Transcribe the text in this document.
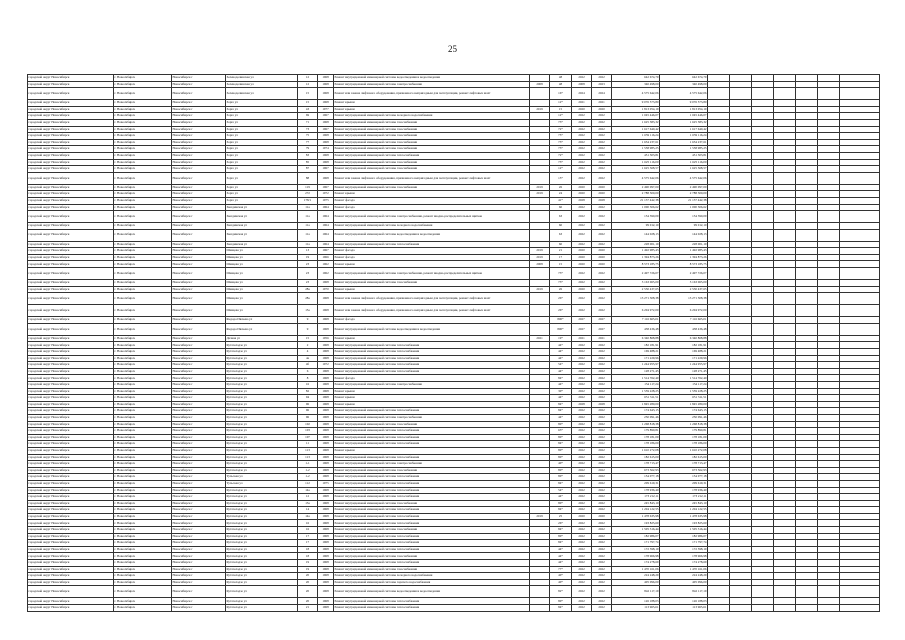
25
городской округ Новосибирск	г. Новосибирск	Новосибирск г	Зеленодолинская ул	12	1968	Ремонт внутридомовой инженерной системы водоотведения и водоотведения		48	2022	2022	642 674,79	642 674,79							
городской округ Новосибирск	г. Новосибирск	Новосибирск г	Зеленодолинская ул	12	1968	Ремонт внутридомовой инженерной системы электроснабжения	2008	48	2008	2023	340 498,00	340 498,00							
городской округ Новосибирск	г. Новосибирск	Новосибирск г	Зеленодолинская ул	15	1968	Ремонт или замена лифтового оборудования, признанного непригодным для эксплуатации, ремонт лифтовых шахт		16*	2024	2024	4 575 642,06	4 575 642,06							
городской округ Новосибирск	г. Новосибирск	Новосибирск г	Зорге ул	15	1968	Ремонт крыши		12*	2021	2021	9 076 573,80	9 076 573,80							
городской округ Новосибирск	г. Новосибирск	Новосибирск г	Зорге ул	43	1977	Ремонт крыши	2019	15	2020	2020	1 813 054,19	1 813 054,19							
городской округ Новосибирск	г. Новосибирск	Новосибирск г	Зорге ул	69	1967	Ремонт внутридомовой инженерной системы холодного водоснабжения		12*	2022	2022	1 045 446,07	1 045 446,07							
городской округ Новосибирск	г. Новосибирск	Новосибирск г	Зорге ул	71	1968	Ремонт внутридомовой инженерной системы газоснабжения		73*	2022	2022	1 625 383,32	1 625 383,32							
городской округ Новосибирск	г. Новосибирск	Новосибирск г	Зорге ул	73	1967	Ремонт внутридомовой инженерной системы газоснабжения		72*	2022	2022	1 617 640,42	1 617 640,42							
городской округ Новосибирск	г. Новосибирск	Новосибирск г	Зорге ул	75	1968	Ремонт внутридомовой инженерной системы газоснабжения		75*	2022	2022	1 659 116,24	1 659 116,24							
городской округ Новосибирск	г. Новосибирск	Новосибирск г	Зорге ул	77	1968	Ремонт внутридомовой инженерной системы газоснабжения		73*	2022	2022	1 634 237,61	1 634 237,61							
городской округ Новосибирск	г. Новосибирск	Новосибирск г	Зорге ул	79	1974	Ремонт внутридомовой инженерной системы газоснабжения		73*	2022	2022	1 558 985,25	1 558 985,25							
городской округ Новосибирск	г. Новосибирск	Новосибирск г	Зорге ул	83	1968	Ремонт внутридомовой инженерной системы теплоснабжения		72*	2022	2022	451 303,81	451 303,81							
городской округ Новосибирск	г. Новосибирск	Новосибирск г	Зорге ул	85	1968	Ремонт внутридомовой инженерной системы газоснабжения		73*	2022	2022	1 625 116,00	1 625 116,00							
городской округ Новосибирск	г. Новосибирск	Новосибирск г	Зорге ул	87	1967	Ремонт внутридомовой инженерной системы газоснабжения		12*	2022	2022	1 625 368,57	1 625 368,57							
городской округ Новосибирск	г. Новосибирск	Новосибирск г	Зорге ул	88	1968	Ремонт или замена лифтового оборудования, признанного непригодным для эксплуатации, ремонт лифтовых шахт		15*	2022	2022	4 575 642,06	4 575 642,06							
городской округ Новосибирск	г. Новосибирск	Новосибирск г	Зорге ул	119	1967	Ремонт внутридомовой инженерной системы газоснабжения	2019	26	2020	2020	2 490 097,00	2 490 097,00							
городской округ Новосибирск	г. Новосибирск	Новосибирск г	Зорге ул	272	1972	Ремонт крыши	2019	24	2020	2020	2 788 300,00	2 788 300,00							
городской округ Новосибирск	г. Новосибирск	Новосибирск г	Зорге ул	178/1	1975	Ремонт фасада		41*	2028	2028	21 137 442,38	21 137 442,38							
городской округ Новосибирск	г. Новосибирск	Новосибирск г	Звездинская ул	11а	1964	Ремонт фасада		60	2022	2022	1 000 306,62	1 000 306,62							
городской округ Новосибирск	г. Новосибирск	Новосибирск г	Звездинская ул	11а	1964	Ремонт внутридомовой инженерной системы электроснабжения, ремонт вводно-распределительных щитков		63	2022	2022	154 390,09	154 390,09							
городской округ Новосибирск	г. Новосибирск	Новосибирск г	Звездинская ул	11а	1964	Ремонт внутридомовой инженерной системы холодного водоснабжения		60	2022	2022	99 012,10	99 012,10							
городской округ Новосибирск	г. Новосибирск	Новосибирск г	Звездинская ул	11а	1964	Ремонт внутридомовой инженерной системы водоотведения и водоотведения		63	2022	2022	144 028,13	144 028,13							
городской округ Новосибирск	г. Новосибирск	Новосибирск г	Звездинская ул	11а	1964	Ремонт внутридомовой инженерной системы теплоснабжения		60	2022	2022	228 001,19	228 001,19							
городской округ Новосибирск	г. Новосибирск	Новосибирск г	Шевцова ул	13	1967	Ремонт фасада	2019	21	2020	2020	1 492 985,43	1 492 985,43							
городской округ Новосибирск	г. Новосибирск	Новосибирск г	Шевцова ул	19	1966	Ремонт фасада	2019	17	2020	2020	1 394 873,26	1 394 873,26							
городской округ Новосибирск	г. Новосибирск	Новосибирск г	Шевцова ул	23	1962	Ремонт крыши	2008	15	2020	2020	8 573 185,75	8 573 185,75							
городской округ Новосибирск	г. Новосибирск	Новосибирск г	Шевцова ул	23	1962	Ремонт внутридомовой инженерной системы электроснабжения, ремонт вводно-распределительных щитков		73*	2022	2022	2 497 726,07	2 497 726,07							
городской округ Новосибирск	г. Новосибирск	Новосибирск г	Шевцова ул	23	1968	Ремонт внутридомовой инженерной системы газоснабжения		73*	2022	2022	3 163 065,00	3 163 065,00							
городской округ Новосибирск	г. Новосибирск	Новосибирск г	Шевцова ул	28а	1970	Ремонт крыши	2019	26	2020	2020	2 530 437,65	2 530 437,65							
городской округ Новосибирск	г. Новосибирск	Новосибирск г	Шевцова ул	28а	1968	Ремонт или замена лифтового оборудования, признанного непригодным для эксплуатации, ремонт лифтовых шахт		26*	2022	2022	13 271 308,38	13 271 308,38							
городской округ Новосибирск	г. Новосибирск	Новосибирск г	Шевцова ул	15а	1968	Ремонт или замена лифтового оборудования, признанного непригодным для эксплуатации, ремонт лифтовых шахт		26*	2022	2022	6 204 972,00	6 204 972,00							
городской округ Новосибирск	г. Новосибирск	Новосибирск г	Федора Ивачева ул	9	1968	Ремонт фасада		800*	2027	2027	7 116 665,01	7 116 665,01							
городской округ Новосибирск	г. Новосибирск	Новосибирск г	Федора Ивачева ул	9	1968	Ремонт внутридомовой инженерной системы водоотведения и водоотведения		800*	2027	2027	438 436,48	438 436,48							
городской округ Новосибирск	г. Новосибирск	Новосибирск г	Дачная ул	15	1956	Ремонт крыши	2021	19*	2021	2021	6 340 868,88	6 340 868,88							
городской округ Новосибирск	г. Новосибирск	Новосибирск г	Кутателадзе ул	2	1968	Ремонт внутридомовой инженерной системы теплоснабжения		44*	2022	2022	182 181,91	182 181,91							
городской округ Новосибирск	г. Новосибирск	Новосибирск г	Кутателадзе ул	4	1968	Ремонт внутридомовой инженерной системы теплоснабжения		44*	2022	2022	169 488,21	169 488,21							
городской округ Новосибирск	г. Новосибирск	Новосибирск г	Кутателадзе ул	4а	1968	Ремонт внутридомовой инженерной системы теплоснабжения		44*	2022	2022	171 229,96	171 229,96							
городской округ Новосибирск	г. Новосибирск	Новосибирск г	Кутателадзе ул	4б	1972	Ремонт внутридомовой инженерной системы теплоснабжения		54*	2022	2022	1 244 955,97	1 244 955,97							
городской округ Новосибирск	г. Новосибирск	Новосибирск г	Кутателадзе ул	6	1968	Ремонт внутридомовой инженерной системы теплоснабжения		44*	2022	2022	128 271,45	128 271,45							
городской округ Новосибирск	г. Новосибирск	Новосибирск г	Кутателадзе ул	8	1968	Ремонт фасада		84*	2022	2022	1 514 762,40	1 514 762,40							
городской округ Новосибирск	г. Новосибирск	Новосибирск г	Кутателадзе ул	16	1968	Ремонт внутридомовой инженерной системы электроснабжения		44*	2022	2022	154 117,24	154 117,24							
городской округ Новосибирск	г. Новосибирск	Новосибирск г	Кутателадзе ул	82	1968	Ремонт крыши		30*	2022	2022	1 559 228,25	1 559 228,25							
городской округ Новосибирск	г. Новосибирск	Новосибирск г	Кутателадзе ул	94	1968	Ремонт крыши		44*	2022	2022	651 311,51	651 311,51							
городской округ Новосибирск	г. Новосибирск	Новосибирск г	Кутателадзе ул	96	1968	Ремонт крыши		84*	2028	2028	1 845 280,00	1 845 280,00							
городской округ Новосибирск	г. Новосибирск	Новосибирск г	Кутателадзе ул	96	1968	Ремонт внутридомовой инженерной системы теплоснабжения		84*	2022	2022	174 643,15	174 643,15							
городской округ Новосибирск	г. Новосибирск	Новосибирск г	Кутателадзе ул	96	1968	Ремонт внутридомовой инженерной системы электроснабжения		44*	2022	2022	250 091,46	250 091,46							
городской округ Новосибирск	г. Новосибирск	Новосибирск г	Кутателадзе ул	102	1968	Ремонт внутридомовой инженерной системы газоснабжения		80*	2022	2022	1 268 818,38	1 268 818,38							
городской округ Новосибирск	г. Новосибирск	Новосибирск г	Кутателадзе ул	103	1968	Ремонт внутридомовой инженерной системы теплоснабжения		63*	2022	2022	179 890,81	179 890,81							
городской округ Новосибирск	г. Новосибирск	Новосибирск г	Кутателадзе ул	107	1968	Ремонт внутридомовой инженерной системы теплоснабжения		80*	2022	2022	178 181,09	178 181,09							
городской округ Новосибирск	г. Новосибирск	Новосибирск г	Кутателадзе ул	11	1968	Ремонт внутридомовой инженерной системы теплоснабжения		84*	2022	2022	178 186,00	178 186,00							
городской округ Новосибирск	г. Новосибирск	Новосибирск г	Кутателадзе ул	113	1968	Ремонт крыши		80*	2022	2022	1 610 272,08	1 610 272,08							
городской округ Новосибирск	г. Новосибирск	Новосибирск г	Кутателадзе ул	113	1968	Ремонт внутридомовой инженерной системы теплоснабжения		80*	2022	2022	182 615,00	182 615,00							
городской округ Новосибирск	г. Новосибирск	Новосибирск г	Кутателадзе ул	1-1	1968	Ремонт внутридомовой инженерной системы электроснабжения		40*	2022	2022	178 713,47	178 713,47							
городской округ Новосибирск	г. Новосибирск	Новосибирск г	Кутателадзе ул	1-2	1968	Ремонт внутридомовой инженерной системы газоснабжения		80*	2022	2022	673 562,93	673 562,93							
городской округ Новосибирск	г. Новосибирск	Новосибирск г	Тульская ул	1-2	1968	Ремонт внутридомовой инженерной системы теплоснабжения		80*	2022	2022	154 077,18	154 077,18							
городской округ Новосибирск	г. Новосибирск	Новосибирск г	Тульская ул	112	1975	Ремонт внутридомовой инженерной системы теплоснабжения		84*	2022	2022	209 619,31	209 619,31							
городской округ Новосибирск	г. Новосибирск	Новосибирск г	Кутателадзе ул	14а	1968	Ремонт внутридомовой инженерной системы теплоснабжения		54*	2022	2022	178 936,40	178 936,40							
городской округ Новосибирск	г. Новосибирск	Новосибирск г	Кутателадзе ул	12	1968	Ремонт внутридомовой инженерной системы теплоснабжения		44*	2022	2022	173 212,11	173 212,11							
городской округ Новосибирск	г. Новосибирск	Новосибирск г	Кутателадзе ул	13а	1968	Ремонт внутридомовой инженерной системы газоснабжения		80*	2022	2022	245 843,10	245 843,10							
городской округ Новосибирск	г. Новосибирск	Новосибирск г	Кутателадзе ул	14	1968	Ремонт внутридомовой инженерной системы теплоснабжения		84*	2022	2022	1 204 122,55	1 204 122,55							
городской округ Новосибирск	г. Новосибирск	Новосибирск г	Кутателадзе ул	14а	1968	Ремонт внутридомовой инженерной системы теплоснабжения	2019	25	2020	2020	1 478 635,98	1 478 635,98							
городской округ Новосибирск	г. Новосибирск	Новосибирск г	Кутателадзе ул	16	1968	Ремонт внутридомовой инженерной системы теплоснабжения		26*	2022	2022	193 825,60	193 825,60							
городской округ Новосибирск	г. Новосибирск	Новосибирск г	Кутателадзе ул	16	1968	Ремонт внутридомовой инженерной системы газоснабжения		84*	2022	2022	1 505 316,44	1 505 316,44							
городской округ Новосибирск	г. Новосибирск	Новосибирск г	Кутателадзе ул	17	1968	Ремонт внутридомовой инженерной системы теплоснабжения		80*	2022	2022	182 986,07	182 986,07							
городской округ Новосибирск	г. Новосибирск	Новосибирск г	Кутателадзе ул	17	1968	Ремонт внутридомовой инженерной системы теплоснабжения		84*	2022	2022	171 797,74	171 797,74							
городской округ Новосибирск	г. Новосибирск	Новосибирск г	Кутателадзе ул	18	1968	Ремонт внутридомовой инженерной системы теплоснабжения		44*	2022	2022	172 598,19	172 598,19							
городской округ Новосибирск	г. Новосибирск	Новосибирск г	Кутателадзе ул	18	1968	Ремонт внутридомовой инженерной системы газоснабжения		44*	2022	2022	178 966,98	178 966,98							
городской округ Новосибирск	г. Новосибирск	Новосибирск г	Кутателадзе ул	19	1968	Ремонт внутридомовой инженерной системы теплоснабжения		44*	2022	2022	174 278,69	174 278,69							
городской округ Новосибирск	г. Новосибирск	Новосибирск г	Кутателадзе ул	19	1968	Ремонт внутридомовой инженерной системы газоснабжения		77*	2022	2022	1 470 161,06	1 470 161,06							
городской округ Новосибирск	г. Новосибирск	Новосибирск г	Кутателадзе ул	20	1968	Ремонт внутридомовой инженерной системы холодного водоснабжения		40*	2022	2022	224 248,29	224 248,29							
городской округ Новосибирск	г. Новосибирск	Новосибирск г	Кутателадзе ул	20	1968	Ремонт внутридомовой инженерной системы горячего водоснабжения		40*	2022	2022	405 096,00	405 096,00							
городской округ Новосибирск	г. Новосибирск	Новосибирск г	Кутателадзе ул	20	1968	Ремонт внутридомовой инженерной системы водоотведения и водоотведения		82*	2022	2022	842 117,19	842 117,19							
городской округ Новосибирск	г. Новосибирск	Новосибирск г	Кутателадзе ул	20	1968	Ремонт внутридомовой инженерной системы теплоснабжения		80*	2022	2022	126 188,03	126 188,03							
городской округ Новосибирск	г. Новосибирск	Новосибирск г	Кутателадзе ул	21	1968	Ремонт внутридомовой инженерной системы теплоснабжения		84*	2022	2022	113 965,61	113 965,61							
